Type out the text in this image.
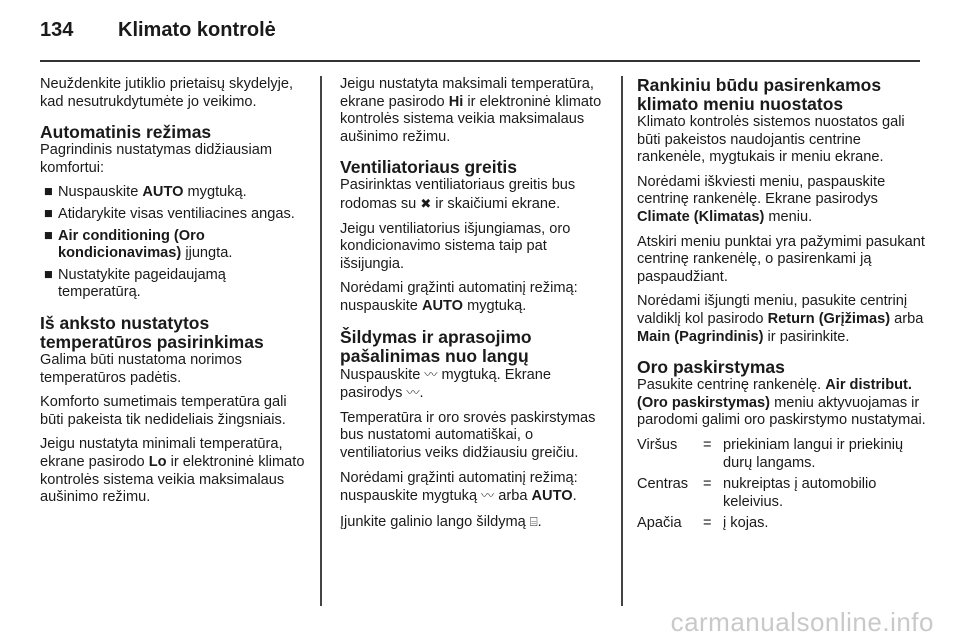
134	Klimato kontrolė

Neuždenkite jutiklio prietaisų skydelyje, kad nesutrukdytumėte jo veikimo.

Automatinis režimas

Pagrindinis nustatymas didžiausiam komfortui:

■ Nuspauskite AUTO mygtuką.
■ Atidarykite visas ventiliacines angas.
■ Air conditioning (Oro kondicionavimas) įjungta.
■ Nustatykite pageidaujamą temperatūrą.
Iš anksto nustatytos temperatūros pasirinkimas

Galima būti nustatoma norimos temperatūros padėtis.

Komforto sumetimais temperatūra gali būti pakeista tik nedideliais žingsniais.

Jeigu nustatyta minimali temperatūra, ekrane pasirodo Lo ir elektroninė klimato kontrolės sistema veikia maksimalaus aušinimo režimu.

Jeigu nustatyta maksimali temperatūra, ekrane pasirodo Hi ir elektroninė klimato kontrolės sistema veikia maksimalaus aušinimo režimu.

Ventiliatoriaus greitis

Pasirinktas ventiliatoriaus greitis bus rodomas su ✖ ir skaičiumi ekrane.

Jeigu ventiliatorius išjungiamas, oro kondicionavimo sistema taip pat išsijungia.

Norėdami grąžinti automatinį režimą: nuspauskite AUTO mygtuką.

Šildymas ir aprasojimo pašalinimas nuo langų

Nuspauskite 〰 mygtuką. Ekrane pasirodys 〰.

Temperatūra ir oro srovės paskirstymas bus nustatomi automatiškai, o ventiliatorius veiks didžiausiu greičiu.

Norėdami grąžinti automatinį režimą: nuspauskite mygtuką 〰 arba AUTO.

Įjunkite galinio lango šildymą ⌸.

Rankiniu būdu pasirenkamos klimato meniu nuostatos

Klimato kontrolės sistemos nuostatos gali būti pakeistos naudojantis centrine rankenėle, mygtukais ir meniu ekrane.

Norėdami iškviesti meniu, paspauskite centrinę rankenėlę. Ekrane pasirodys Climate (Klimatas) meniu.

Atskiri meniu punktai yra pažymimi pasukant centrinę rankenėlę, o pasirenkami ją paspaudžiant.

Norėdami išjungti meniu, pasukite centrinį valdiklį kol pasirodo Return (Grįžimas) arba Main (Pagrindinis) ir pasirinkite.

Oro paskirstymas

Pasukite centrinę rankenėlę. Air distribut. (Oro paskirstymas) meniu aktyvuojamas ir parodomi galimi oro paskirstymo nustatymai.

Viršus	=	priekiniam langui ir priekinių durų langams.
Centras	=	nukreiptas į automobilio keleivius.
Apačia	=	į kojas.
carmanualsonline.info
